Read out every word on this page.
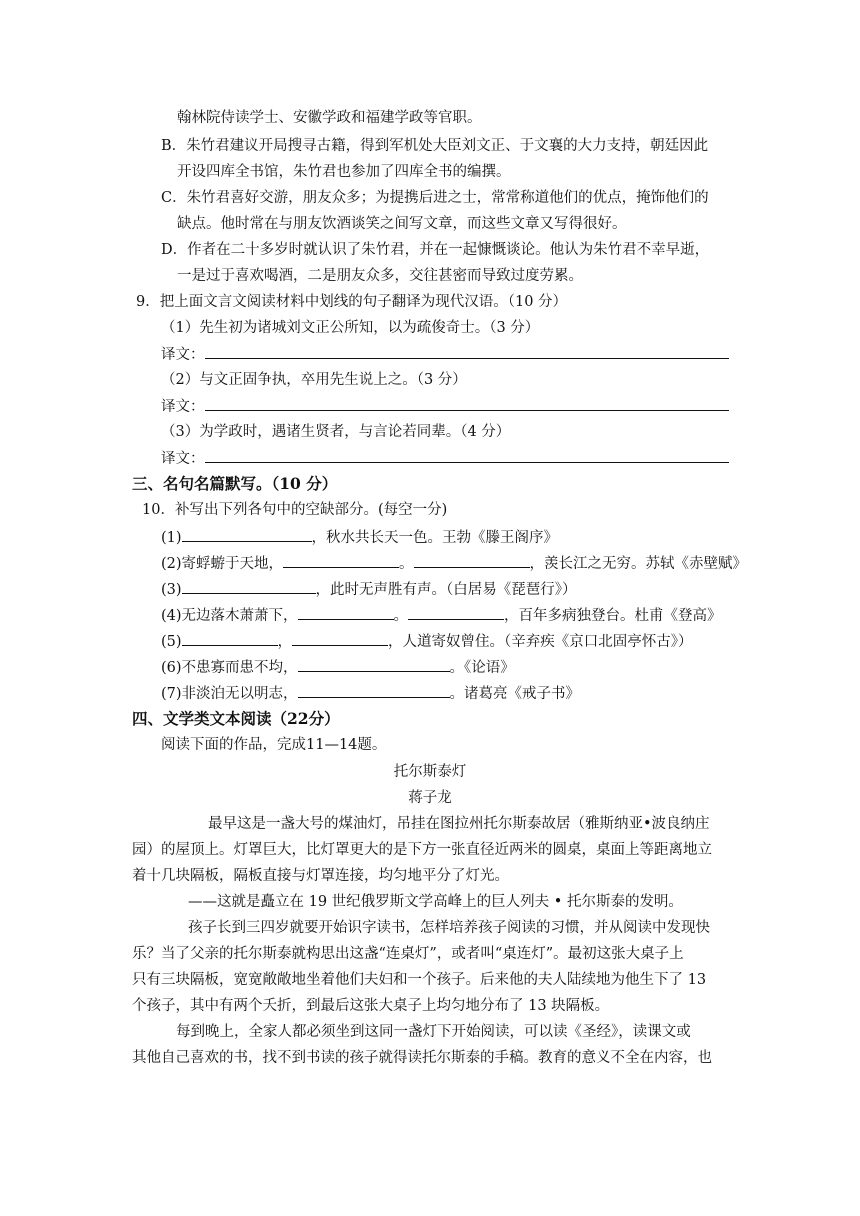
翰林院侍读学士、安徽学政和福建学政等官职。
B．朱竹君建议开局搜寻古籍，得到军机处大臣刘文正、于文襄的大力支持，朝廷因此
开设四库全书馆，朱竹君也参加了四库全书的编撰。
C．朱竹君喜好交游，朋友众多；为提携后进之士，常常称道他们的优点，掩饰他们的
缺点。他时常在与朋友饮酒谈笑之间写文章，而这些文章又写得很好。
D．作者在二十多岁时就认识了朱竹君，并在一起慷慨谈论。他认为朱竹君不幸早逝，
一是过于喜欢喝酒，二是朋友众多，交往甚密而导致过度劳累。
9．把上面文言文阅读材料中划线的句子翻译为现代汉语。（10 分）
（1）先生初为诸城刘文正公所知，以为疏俊奇士。（3 分）
译文：
（2）与文正固争执，卒用先生说上之。（3 分）
译文：
（3）为学政时，遇诸生贤者，与言论若同辈。（4 分）
译文：
三、名句名篇默写。（10 分）
10．补写出下列各句中的空缺部分。(每空一分)
(1)	，秋水共长天一色。王勃《滕王阁序》
(2)寄蜉蝣于天地，	。	，羡长江之无穷。苏轼《赤壁赋》
(3)	，此时无声胜有声。（白居易《琵琶行》）
(4)无边落木萧萧下，	。	，百年多病独登台。杜甫《登高》
(5)	，	，人道寄奴曾住。（辛弃疾《京口北固亭怀古》）
(6)不患寡而患不均，	。《论语》
(7)非淡泊无以明志，	。诸葛亮《戒子书》
四、文学类文本阅读（22分）
阅读下面的作品，完成11—14题。
托尔斯泰灯
蒋子龙
最早这是一盏大号的煤油灯，吊挂在图拉州托尔斯泰故居（雅斯纳亚•波良纳庄
园）的屋顶上。灯罩巨大，比灯罩更大的是下方一张直径近两米的圆桌，桌面上等距离地立
着十几块隔板，隔板直接与灯罩连接，均匀地平分了灯光。
——这就是矗立在 19 世纪俄罗斯文学高峰上的巨人列夫 • 托尔斯泰的发明。
孩子长到三四岁就要开始识字读书，怎样培养孩子阅读的习惯，并从阅读中发现快
乐？当了父亲的托尔斯泰就构思出这盏“连桌灯”，或者叫“桌连灯”。最初这张大桌子上
只有三块隔板，宽宽敞敞地坐着他们夫妇和一个孩子。后来他的夫人陆续地为他生下了 13
个孩子，其中有两个夭折，到最后这张大桌子上均匀地分布了 13 块隔板。
每到晚上，全家人都必须坐到这同一盏灯下开始阅读，可以读《圣经》，读课文或
其他自己喜欢的书，找不到书读的孩子就得读托尔斯泰的手稿。教育的意义不全在内容，也
